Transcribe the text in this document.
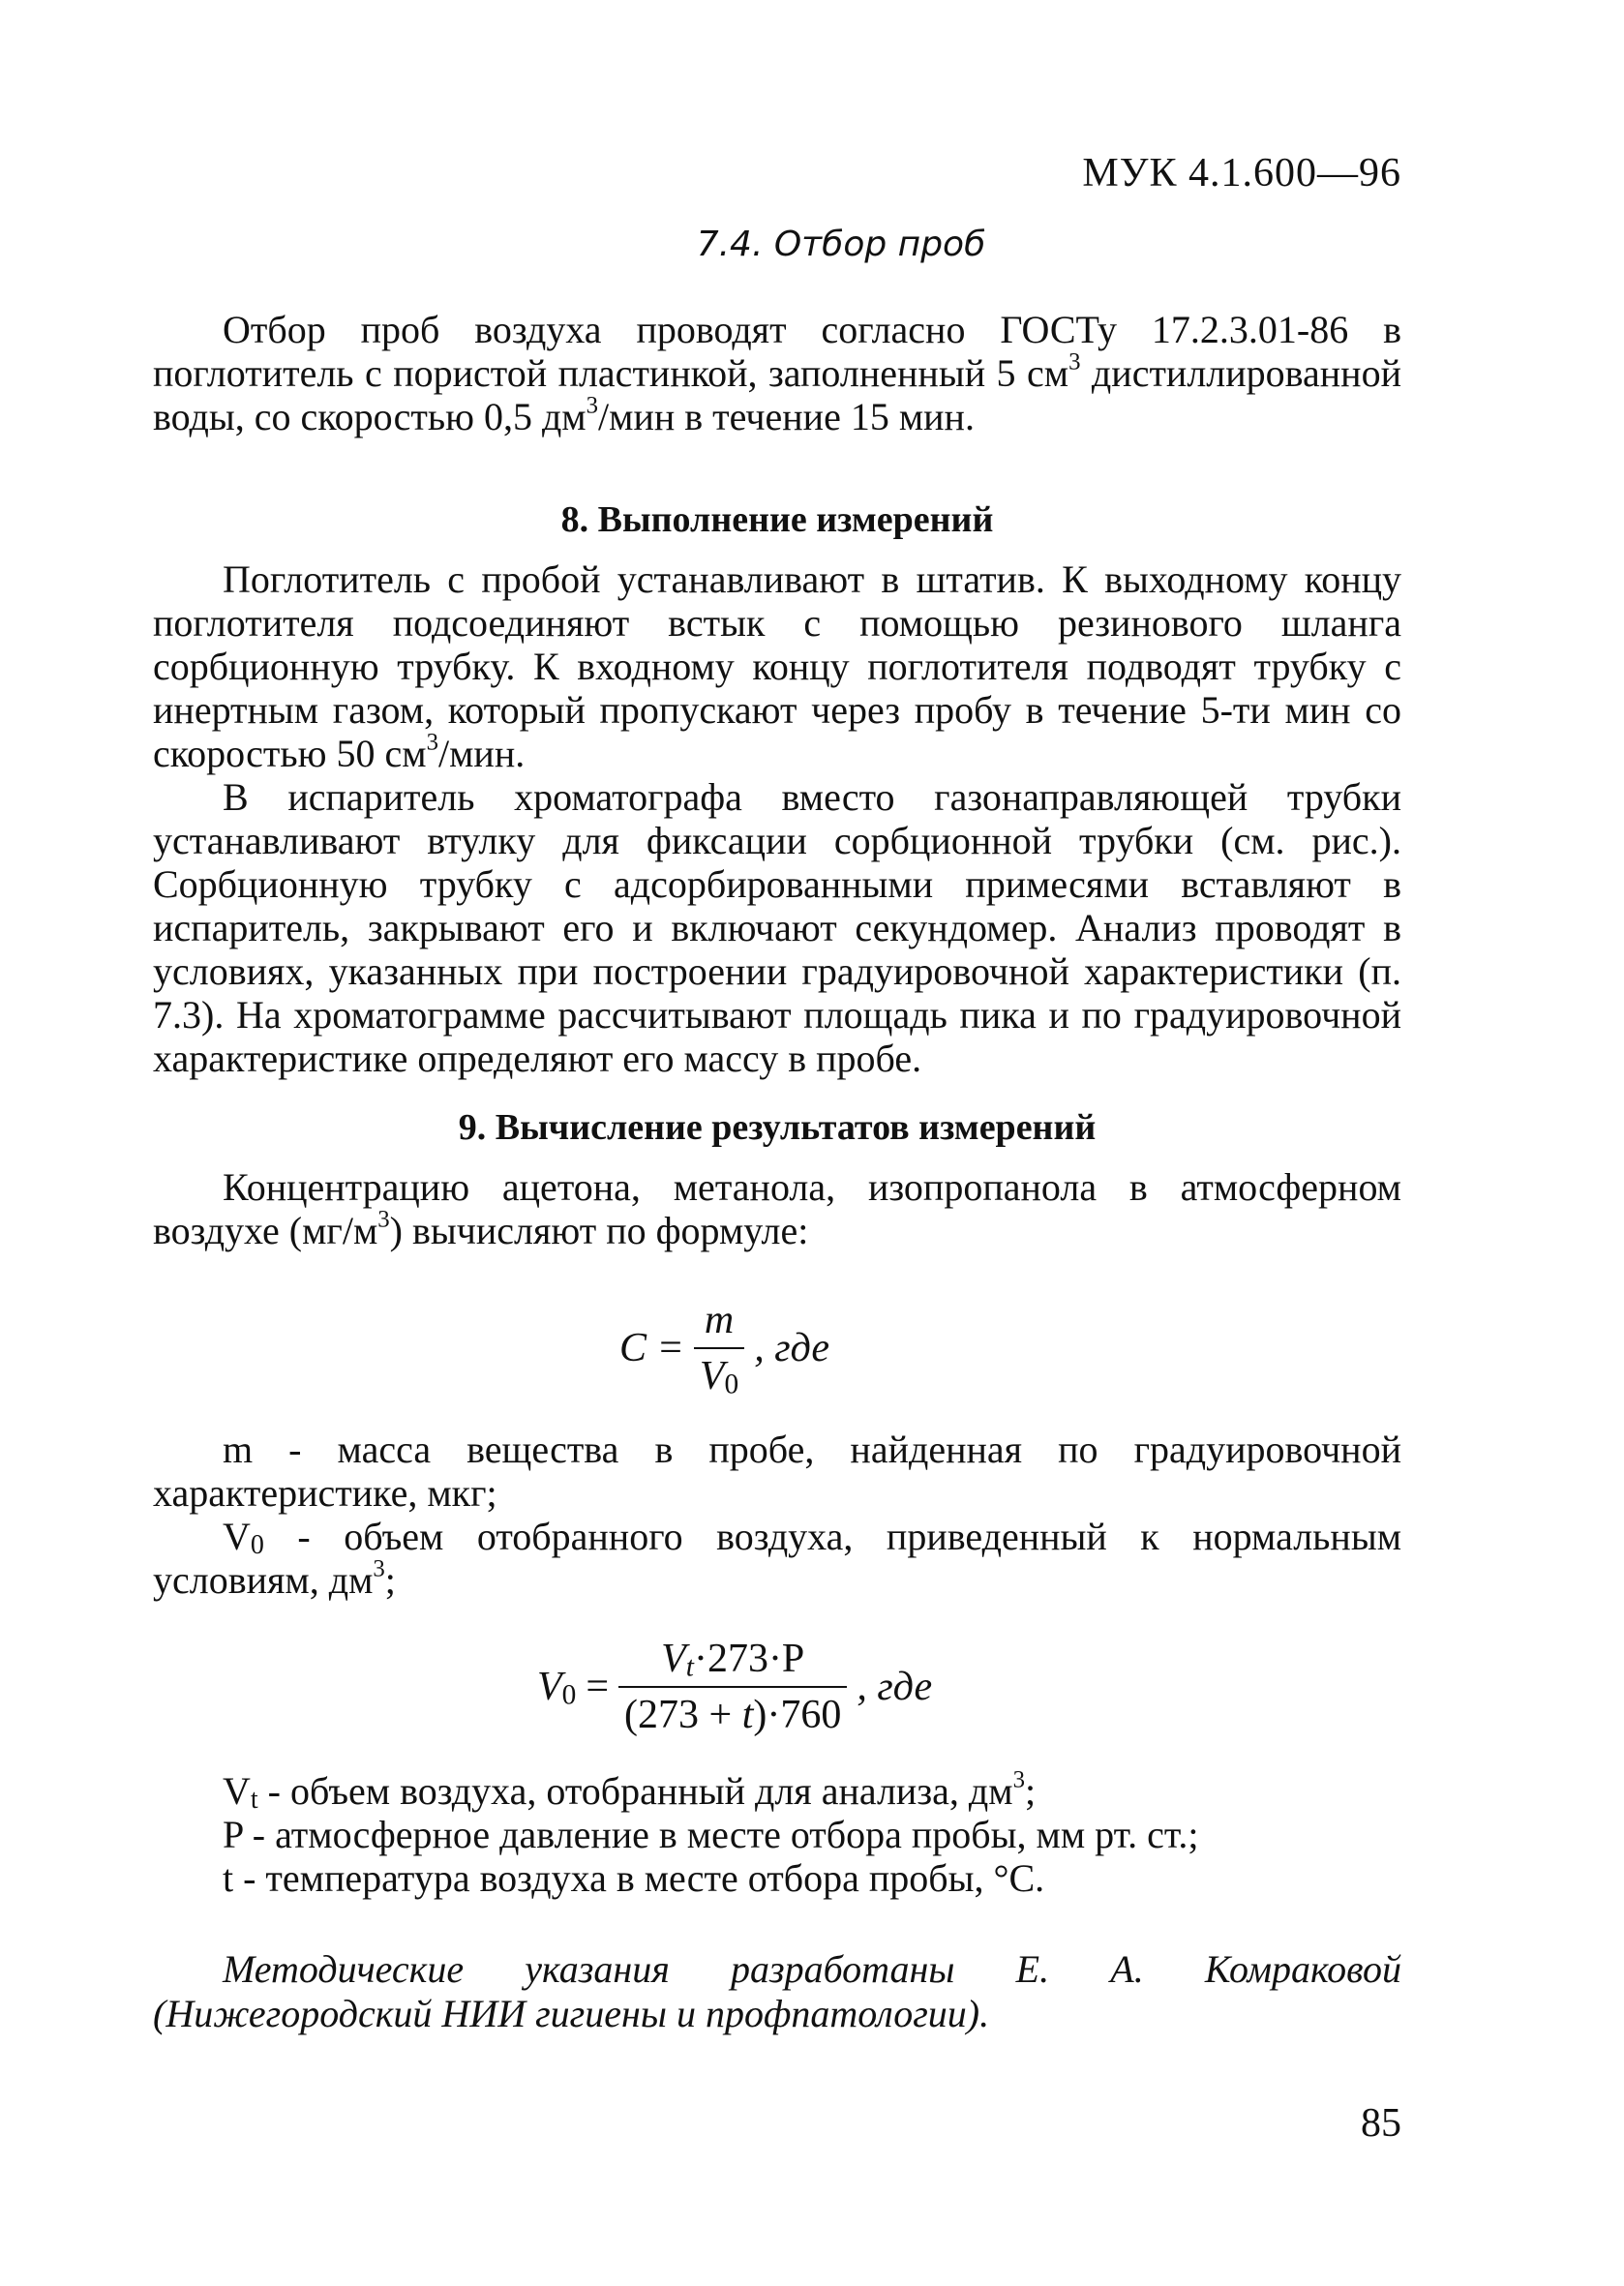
МУК 4.1.600—96
7.4. Отбор проб

Отбор проб воздуха проводят согласно ГОСТу 17.2.3.01-86 в поглотитель с пористой пластинкой, заполненный 5 $см^3$ дистиллированной воды, со скоростью 0,5 $дм^3$/мин в течение 15 мин.

8. Выполнение измерений

Поглотитель с пробой устанавливают в штатив. К выходному концу поглотителя подсоединяют встык с помощью резинового шланга сорбционную трубку. К входному концу поглотителя подводят трубку с инертным газом, который пропускают через пробу в течение 5-ти мин со скоростью 50 $см^3$/мин.

В испаритель хроматографа вместо газонаправляющей трубки устанавливают втулку для фиксации сорбционной трубки (см. рис.). Сорбционную трубку с адсорбированными примесями вставляют в испаритель, закрывают его и включают секундомер. Анализ проводят в условиях, указанных при построении градуировочной характеристики (п. 7.3). На хроматограмме рассчитывают площадь пика и по градуировочной характеристике определяют его массу в пробе.

9. Вычисление результатов измерений

Концентрацию ацетона, метанола, изопропанола в атмосферном воздухе $(мг/м^3)$ вычисляют по формуле:

$C = \frac{m}{V_0}$ , где

m - масса вещества в пробе, найденная по градуировочной характеристике, мкг;

$V_0$ - объем отобранного воздуха, приведенный к нормальным условиям, $дм^3$;

$V_0 = \frac{V_t\cdot 273\cdot P}{(273 + t)\cdot 760}$ , где

$V_t$ - объем воздуха, отобранный для анализа, $дм^3$;

P - атмосферное давление в месте отбора пробы, мм рт. ст.;

t - температура воздуха в месте отбора пробы, °С.

Методические указания разработаны Е. А. Комраковой (Нижегородский НИИ гигиены и профпатологии).
85
